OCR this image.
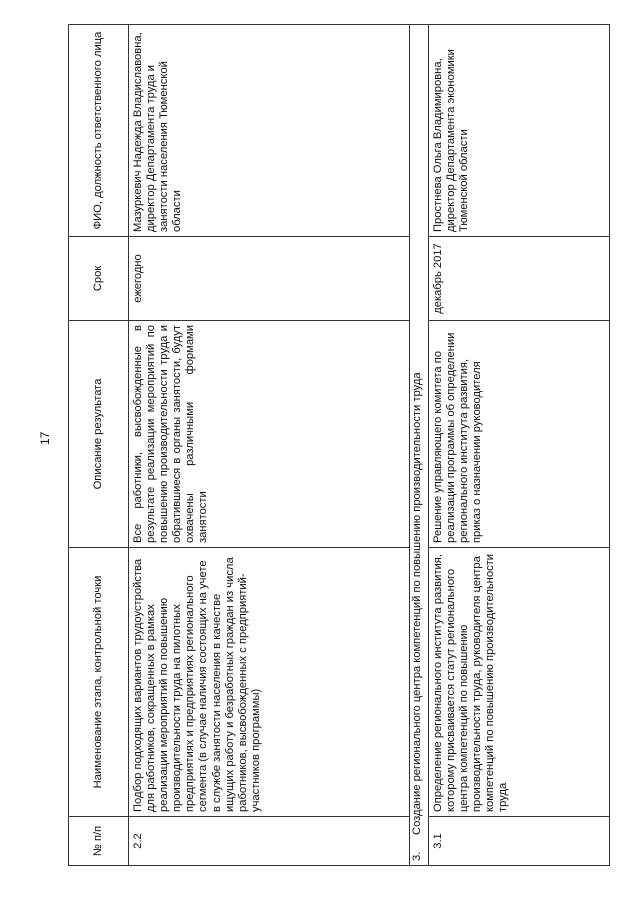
17
№ п/п	Наименование этапа, контрольной точки	Описание результата	Срок	ФИО, должность ответственного лица
2.2	Подбор подходящих вариантов трудоустройства для работников, сокращенных в рамках реализации мероприятий по повышению производительности труда на пилотных предприятиях и предприятиях регионального сегмента (в случае наличия состоящих на учете в службе занятости населения в качестве ищущих работу и безработных граждан из числа работников, высвобожденных с предприятий-участников программы)	Все работники, высвобожденные в результате реализации мероприятий по повышению производительности труда и обратившиеся в органы занятости, будут охвачены различными формами занятости	ежегодно	Мазуркевич Надежда Владиславовна, директор Департамента труда и занятости населения Тюменской области
3.Создание регионального центра компетенций по повышению производительности труда				
3.1	Определение регионального института развития, которому присваивается статут регионального центра компетенций по повышению производительности труда, руководителя центра компетенций по повышению производительности труда	Решение управляющего комитета по реализации программы об определении регионального института развития, приказ о назначении руководителя	декабрь 2017	Простнева Ольга Владимировна, директор Департамента экономики Тюменской области
